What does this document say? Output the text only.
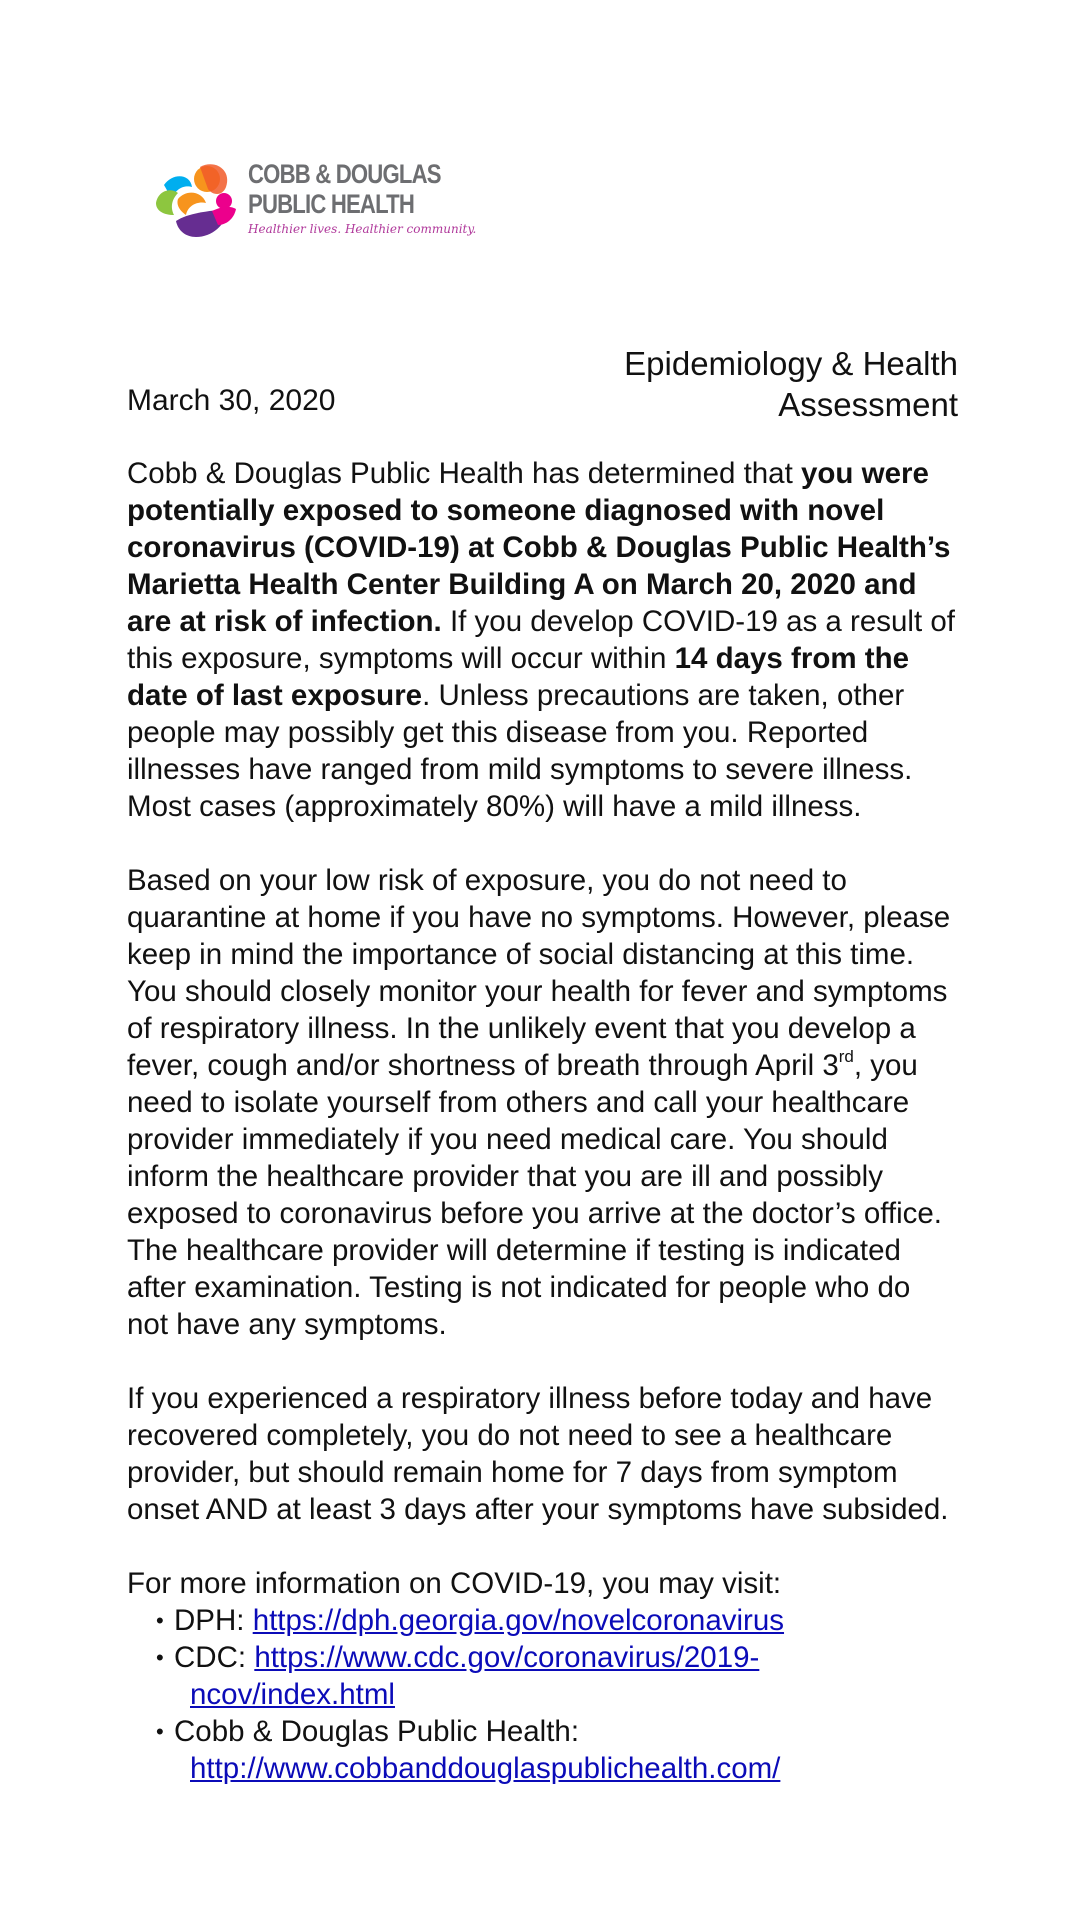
COBB & DOUGLAS
PUBLIC HEALTH
Healthier lives. Healthier community.
Epidemiology & Health
Assessment
March 30, 2020

Cobb & Douglas Public Health has determined that you were potentially exposed to someone diagnosed with novel coronavirus (COVID-19) at Cobb & Douglas Public Health’s Marietta Health Center Building A on March 20, 2020 and are at risk of infection. If you develop COVID-19 as a result of this exposure, symptoms will occur within 14 days from the date of last exposure. Unless precautions are taken, other people may possibly get this disease from you. Reported illnesses have ranged from mild symptoms to severe illness. Most cases (approximately 80%) will have a mild illness.

Based on your low risk of exposure, you do not need to quarantine at home if you have no symptoms. However, please keep in mind the importance of social distancing at this time. You should closely monitor your health for fever and symptoms of respiratory illness. In the unlikely event that you develop a fever, cough and/or shortness of breath through April 3rd, you need to isolate yourself from others and call your healthcare provider immediately if you need medical care. You should inform the healthcare provider that you are ill and possibly exposed to coronavirus before you arrive at the doctor’s office. The healthcare provider will determine if testing is indicated after examination. Testing is not indicated for people who do not have any symptoms.

If you experienced a respiratory illness before today and have recovered completely, you do not need to see a healthcare provider, but should remain home for 7 days from symptom onset AND at least 3 days after your symptoms have subsided.

For more information on COVID-19, you may visit:
• DPH: https://dph.georgia.gov/novelcoronavirus
• CDC: https://www.cdc.gov/coronavirus/2019-
ncov/index.html
• Cobb & Douglas Public Health:
http://www.cobbanddouglaspublichealth.com/
